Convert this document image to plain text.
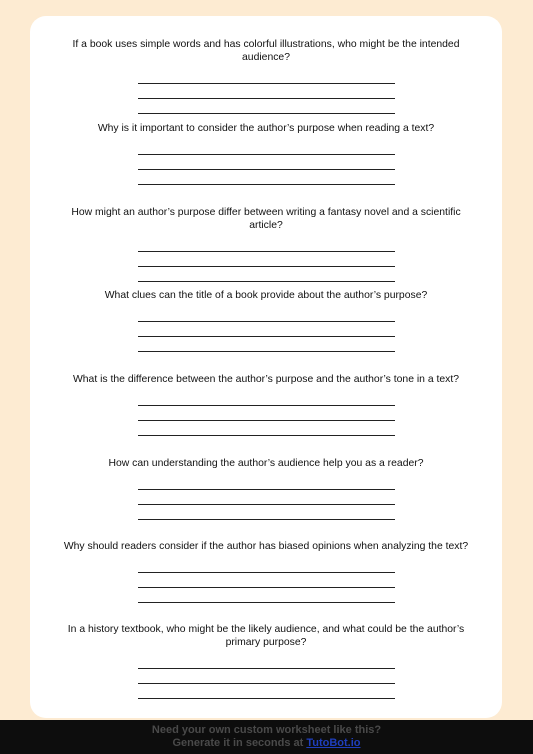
If a book uses simple words and has colorful illustrations, who might be the intended audience?
Why is it important to consider the author’s purpose when reading a text?
How might an author’s purpose differ between writing a fantasy novel and a scientific article?
What clues can the title of a book provide about the author’s purpose?
What is the difference between the author’s purpose and the author’s tone in a text?
How can understanding the author’s audience help you as a reader?
Why should readers consider if the author has biased opinions when analyzing the text?
In a history textbook, who might be the likely audience, and what could be the author’s primary purpose?
Need your own custom worksheet like this?
Generate it in seconds at TutoBot.io
